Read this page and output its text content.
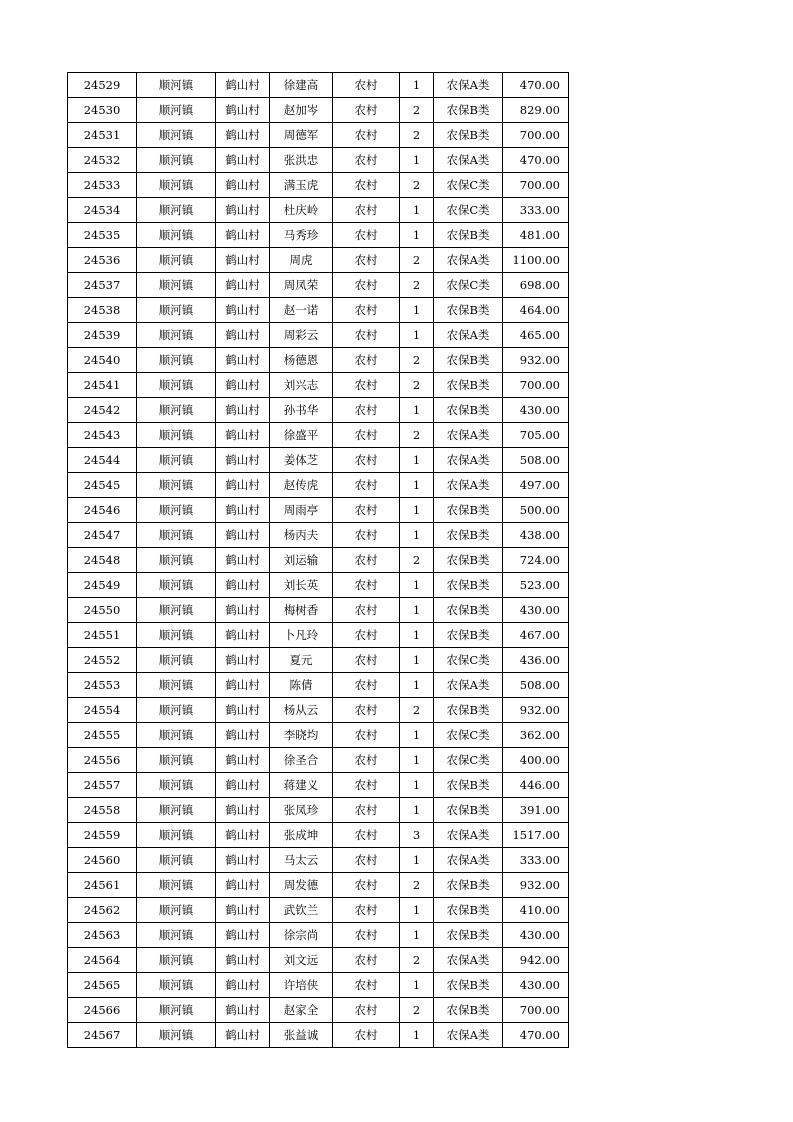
24529	顺河镇	鹤山村	徐建高	农村	1	农保A类	470.00
24530	顺河镇	鹤山村	赵加岑	农村	2	农保B类	829.00
24531	顺河镇	鹤山村	周德军	农村	2	农保B类	700.00
24532	顺河镇	鹤山村	张洪忠	农村	1	农保A类	470.00
24533	顺河镇	鹤山村	满玉虎	农村	2	农保C类	700.00
24534	顺河镇	鹤山村	杜庆岭	农村	1	农保C类	333.00
24535	顺河镇	鹤山村	马秀珍	农村	1	农保B类	481.00
24536	顺河镇	鹤山村	周虎	农村	2	农保A类	1100.00
24537	顺河镇	鹤山村	周凤荣	农村	2	农保C类	698.00
24538	顺河镇	鹤山村	赵一诺	农村	1	农保B类	464.00
24539	顺河镇	鹤山村	周彩云	农村	1	农保A类	465.00
24540	顺河镇	鹤山村	杨德恩	农村	2	农保B类	932.00
24541	顺河镇	鹤山村	刘兴志	农村	2	农保B类	700.00
24542	顺河镇	鹤山村	孙书华	农村	1	农保B类	430.00
24543	顺河镇	鹤山村	徐盛平	农村	2	农保A类	705.00
24544	顺河镇	鹤山村	姜体芝	农村	1	农保A类	508.00
24545	顺河镇	鹤山村	赵传虎	农村	1	农保A类	497.00
24546	顺河镇	鹤山村	周雨亭	农村	1	农保B类	500.00
24547	顺河镇	鹤山村	杨丙夫	农村	1	农保B类	438.00
24548	顺河镇	鹤山村	刘运输	农村	2	农保B类	724.00
24549	顺河镇	鹤山村	刘长英	农村	1	农保B类	523.00
24550	顺河镇	鹤山村	梅树香	农村	1	农保B类	430.00
24551	顺河镇	鹤山村	卜凡玲	农村	1	农保B类	467.00
24552	顺河镇	鹤山村	夏元	农村	1	农保C类	436.00
24553	顺河镇	鹤山村	陈倩	农村	1	农保A类	508.00
24554	顺河镇	鹤山村	杨从云	农村	2	农保B类	932.00
24555	顺河镇	鹤山村	李晓均	农村	1	农保C类	362.00
24556	顺河镇	鹤山村	徐圣合	农村	1	农保C类	400.00
24557	顺河镇	鹤山村	蒋建义	农村	1	农保B类	446.00
24558	顺河镇	鹤山村	张凤珍	农村	1	农保B类	391.00
24559	顺河镇	鹤山村	张成坤	农村	3	农保A类	1517.00
24560	顺河镇	鹤山村	马太云	农村	1	农保A类	333.00
24561	顺河镇	鹤山村	周发德	农村	2	农保B类	932.00
24562	顺河镇	鹤山村	武钦兰	农村	1	农保B类	410.00
24563	顺河镇	鹤山村	徐宗尚	农村	1	农保B类	430.00
24564	顺河镇	鹤山村	刘文远	农村	2	农保A类	942.00
24565	顺河镇	鹤山村	许培侠	农村	1	农保B类	430.00
24566	顺河镇	鹤山村	赵家全	农村	2	农保B类	700.00
24567	顺河镇	鹤山村	张益诚	农村	1	农保A类	470.00
